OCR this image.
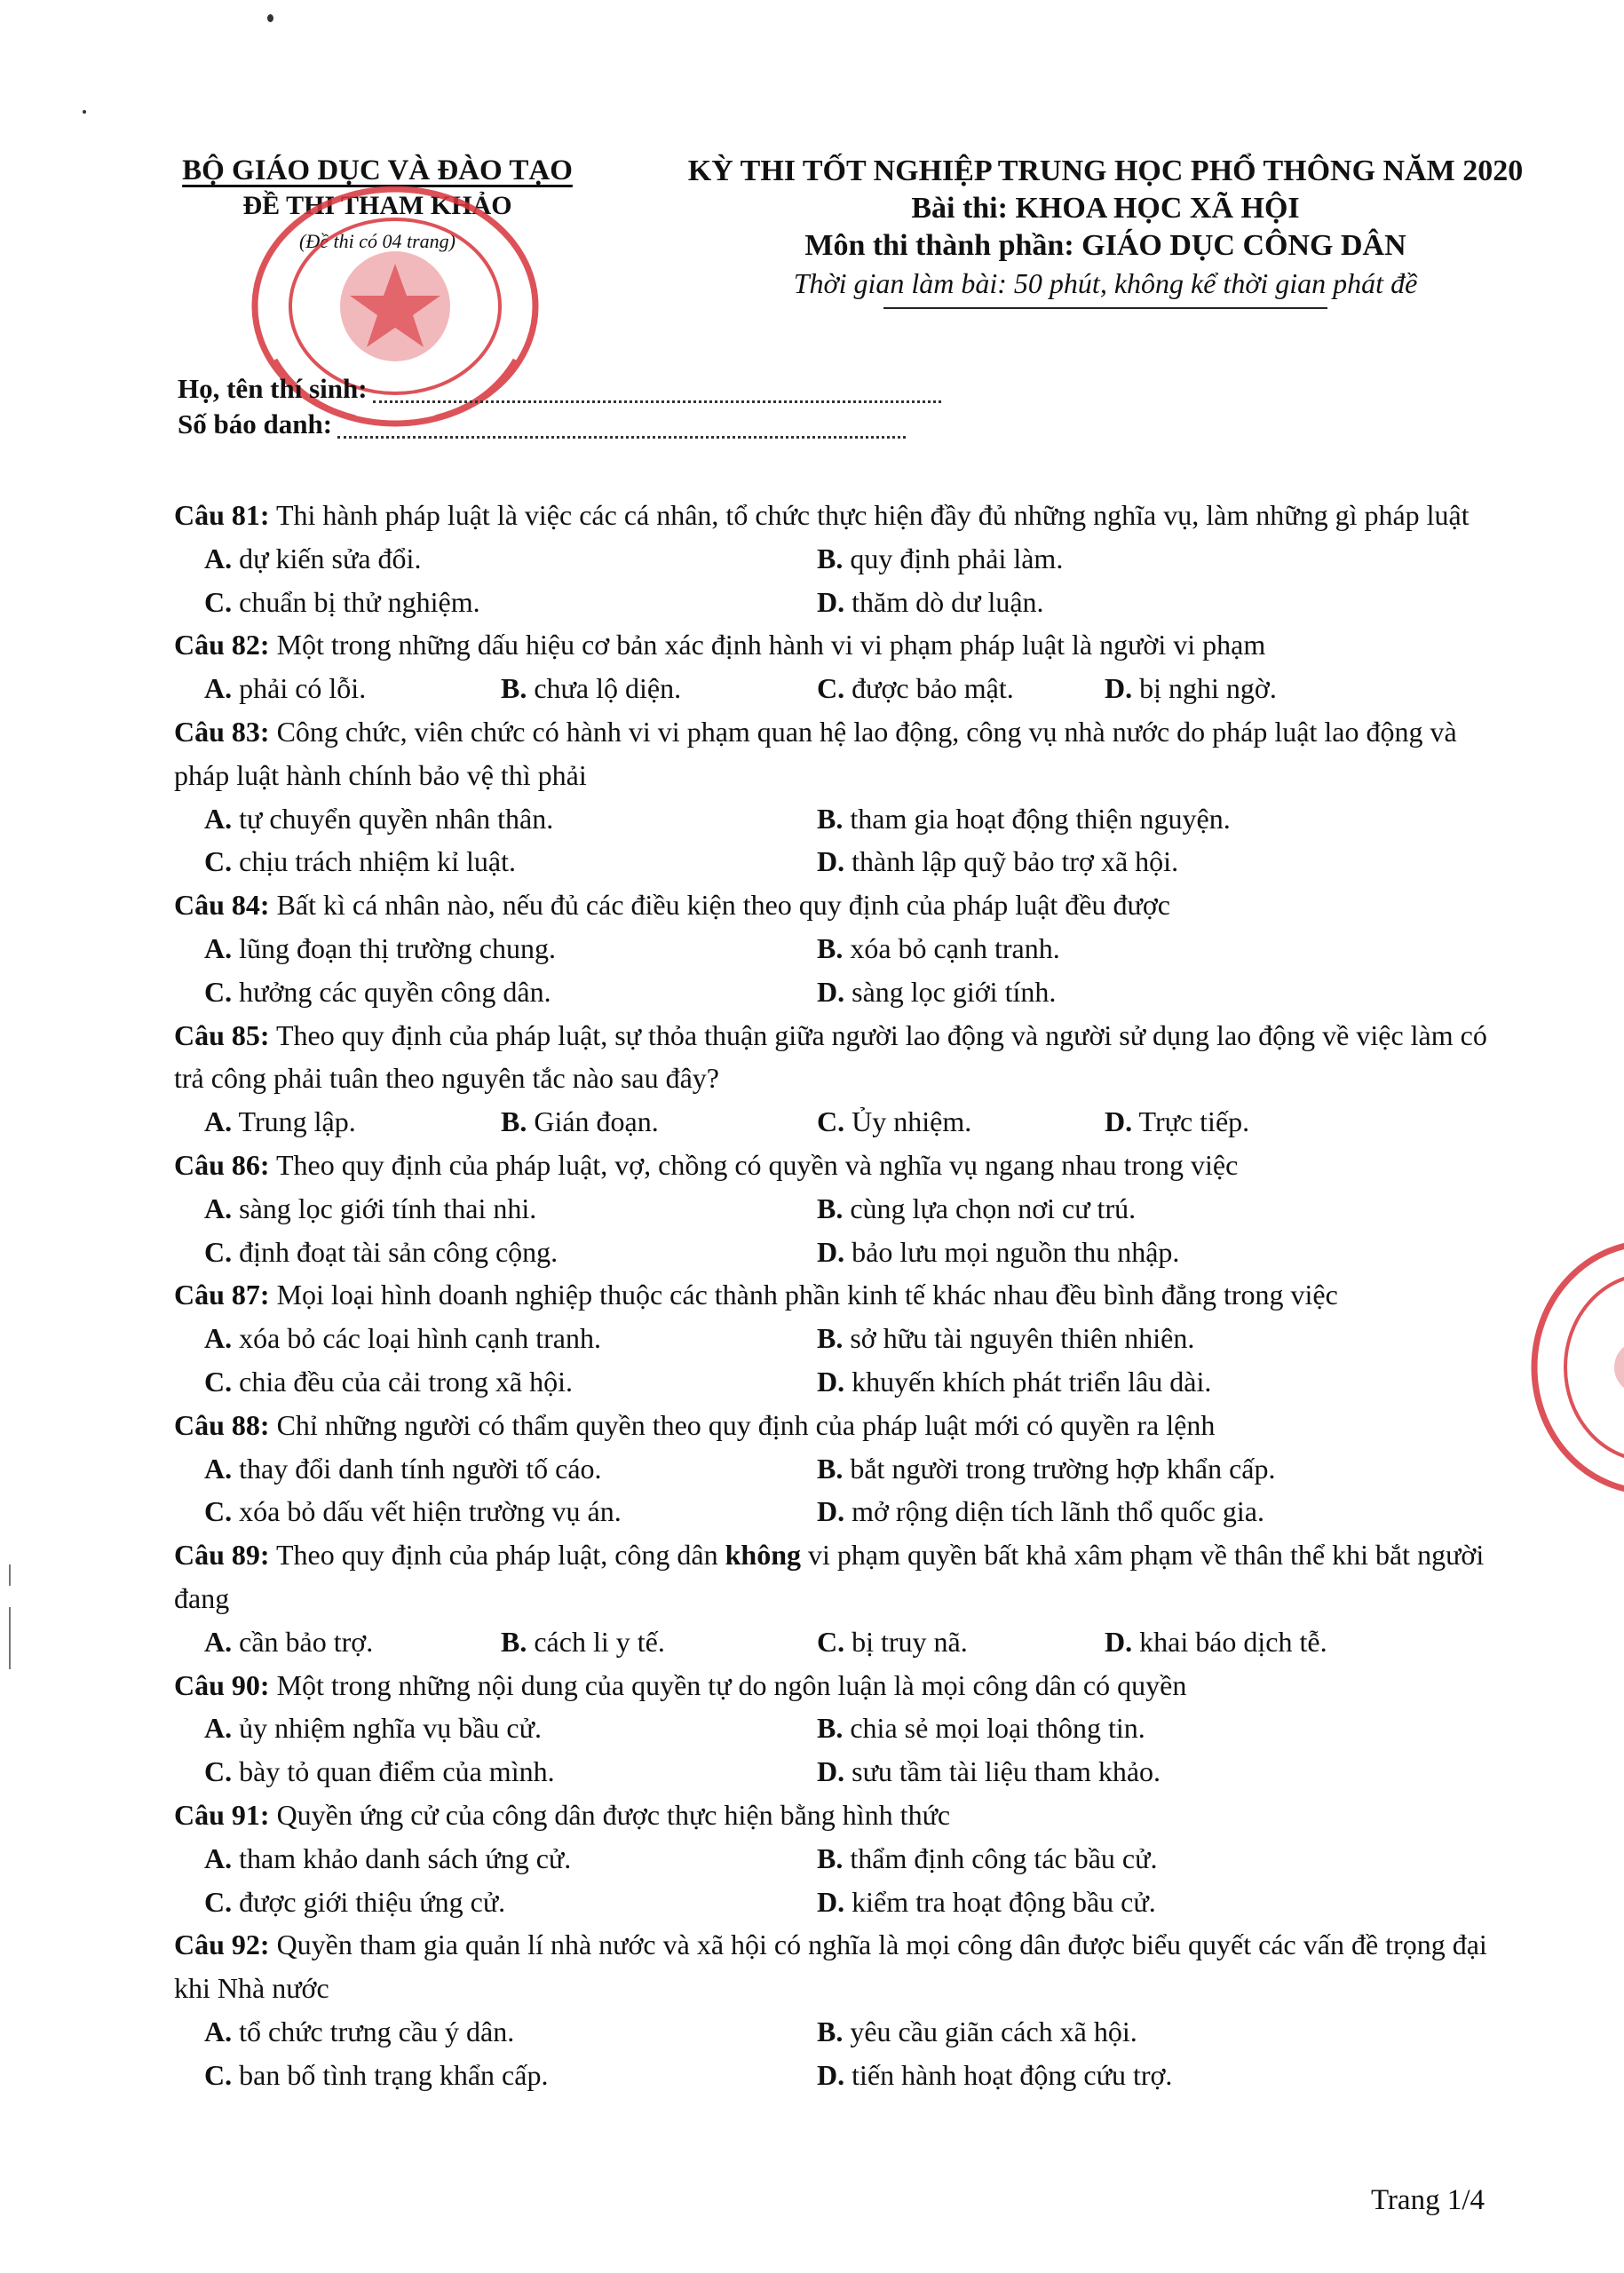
BỘ GIÁO DỤC VÀ ĐÀO TẠO
ĐỀ THI THAM KHẢO
(Đề thi có 04 trang)
KỲ THI TỐT NGHIỆP TRUNG HỌC PHỔ THÔNG NĂM 2020
Bài thi: KHOA HỌC XÃ HỘI
Môn thi thành phần: GIÁO DỤC CÔNG DÂN
Thời gian làm bài: 50 phút, không kể thời gian phát đề
Họ, tên thí sinh:
Số báo danh:

Câu 81: Thi hành pháp luật là việc các cá nhân, tổ chức thực hiện đầy đủ những nghĩa vụ, làm những gì pháp luật

A. dự kiến sửa đổi.	B. quy định phải làm.
C. chuẩn bị thử nghiệm.	D. thăm dò dư luận.

Câu 82: Một trong những dấu hiệu cơ bản xác định hành vi vi phạm pháp luật là người vi phạm

A. phải có lỗi.	B. chưa lộ diện.	C. được bảo mật.	D. bị nghi ngờ.

Câu 83: Công chức, viên chức có hành vi vi phạm quan hệ lao động, công vụ nhà nước do pháp luật lao động và pháp luật hành chính bảo vệ thì phải

A. tự chuyển quyền nhân thân.	B. tham gia hoạt động thiện nguyện.
C. chịu trách nhiệm kỉ luật.	D. thành lập quỹ bảo trợ xã hội.

Câu 84: Bất kì cá nhân nào, nếu đủ các điều kiện theo quy định của pháp luật đều được

A. lũng đoạn thị trường chung.	B. xóa bỏ cạnh tranh.
C. hưởng các quyền công dân.	D. sàng lọc giới tính.

Câu 85: Theo quy định của pháp luật, sự thỏa thuận giữa người lao động và người sử dụng lao động về việc làm có trả công phải tuân theo nguyên tắc nào sau đây?

A. Trung lập.	B. Gián đoạn.	C. Ủy nhiệm.	D. Trực tiếp.

Câu 86: Theo quy định của pháp luật, vợ, chồng có quyền và nghĩa vụ ngang nhau trong việc

A. sàng lọc giới tính thai nhi.	B. cùng lựa chọn nơi cư trú.
C. định đoạt tài sản công cộng.	D. bảo lưu mọi nguồn thu nhập.

Câu 87: Mọi loại hình doanh nghiệp thuộc các thành phần kinh tế khác nhau đều bình đẳng trong việc

A. xóa bỏ các loại hình cạnh tranh.	B. sở hữu tài nguyên thiên nhiên.
C. chia đều của cải trong xã hội.	D. khuyến khích phát triển lâu dài.

Câu 88: Chỉ những người có thẩm quyền theo quy định của pháp luật mới có quyền ra lệnh

A. thay đổi danh tính người tố cáo.	B. bắt người trong trường hợp khẩn cấp.
C. xóa bỏ dấu vết hiện trường vụ án.	D. mở rộng diện tích lãnh thổ quốc gia.

Câu 89: Theo quy định của pháp luật, công dân không vi phạm quyền bất khả xâm phạm về thân thể khi bắt người đang

A. cần bảo trợ.	B. cách li y tế.	C. bị truy nã.	D. khai báo dịch tễ.

Câu 90: Một trong những nội dung của quyền tự do ngôn luận là mọi công dân có quyền

A. ủy nhiệm nghĩa vụ bầu cử.	B. chia sẻ mọi loại thông tin.
C. bày tỏ quan điểm của mình.	D. sưu tầm tài liệu tham khảo.

Câu 91: Quyền ứng cử của công dân được thực hiện bằng hình thức

A. tham khảo danh sách ứng cử.	B. thẩm định công tác bầu cử.
C. được giới thiệu ứng cử.	D. kiểm tra hoạt động bầu cử.

Câu 92: Quyền tham gia quản lí nhà nước và xã hội có nghĩa là mọi công dân được biểu quyết các vấn đề trọng đại khi Nhà nước

A. tổ chức trưng cầu ý dân.	B. yêu cầu giãn cách xã hội.
C. ban bố tình trạng khẩn cấp.	D. tiến hành hoạt động cứu trợ.
Trang 1/4
